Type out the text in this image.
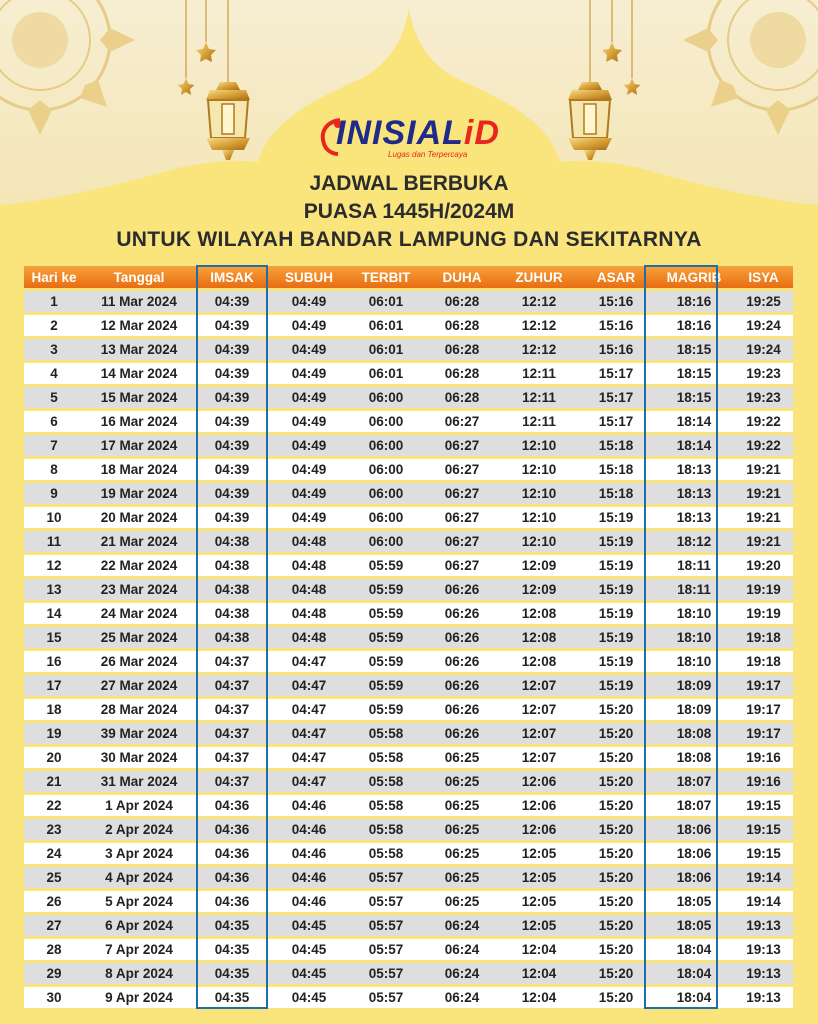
INISIALiD
Lugas dan Terpercaya
JADWAL BERBUKA
PUASA 1445H/2024M
UNTUK WILAYAH BANDAR LAMPUNG DAN SEKITARNYA
Hari ke	Tanggal	IMSAK	SUBUH	TERBIT	DUHA	ZUHUR	ASAR	MAGRIB	ISYA
1	11 Mar 2024	04:39	04:49	06:01	06:28	12:12	15:16	18:16	19:25
2	12 Mar 2024	04:39	04:49	06:01	06:28	12:12	15:16	18:16	19:24
3	13 Mar 2024	04:39	04:49	06:01	06:28	12:12	15:16	18:15	19:24
4	14 Mar 2024	04:39	04:49	06:01	06:28	12:11	15:17	18:15	19:23
5	15 Mar 2024	04:39	04:49	06:00	06:28	12:11	15:17	18:15	19:23
6	16 Mar 2024	04:39	04:49	06:00	06:27	12:11	15:17	18:14	19:22
7	17 Mar 2024	04:39	04:49	06:00	06:27	12:10	15:18	18:14	19:22
8	18 Mar 2024	04:39	04:49	06:00	06:27	12:10	15:18	18:13	19:21
9	19 Mar 2024	04:39	04:49	06:00	06:27	12:10	15:18	18:13	19:21
10	20 Mar 2024	04:39	04:49	06:00	06:27	12:10	15:19	18:13	19:21
11	21 Mar 2024	04:38	04:48	06:00	06:27	12:10	15:19	18:12	19:21
12	22 Mar 2024	04:38	04:48	05:59	06:27	12:09	15:19	18:11	19:20
13	23 Mar 2024	04:38	04:48	05:59	06:26	12:09	15:19	18:11	19:19
14	24 Mar 2024	04:38	04:48	05:59	06:26	12:08	15:19	18:10	19:19
15	25 Mar 2024	04:38	04:48	05:59	06:26	12:08	15:19	18:10	19:18
16	26 Mar 2024	04:37	04:47	05:59	06:26	12:08	15:19	18:10	19:18
17	27 Mar 2024	04:37	04:47	05:59	06:26	12:07	15:19	18:09	19:17
18	28 Mar 2024	04:37	04:47	05:59	06:26	12:07	15:20	18:09	19:17
19	39 Mar 2024	04:37	04:47	05:58	06:26	12:07	15:20	18:08	19:17
20	30 Mar 2024	04:37	04:47	05:58	06:25	12:07	15:20	18:08	19:16
21	31 Mar 2024	04:37	04:47	05:58	06:25	12:06	15:20	18:07	19:16
22	1 Apr 2024	04:36	04:46	05:58	06:25	12:06	15:20	18:07	19:15
23	2 Apr 2024	04:36	04:46	05:58	06:25	12:06	15:20	18:06	19:15
24	3 Apr 2024	04:36	04:46	05:58	06:25	12:05	15:20	18:06	19:15
25	4 Apr 2024	04:36	04:46	05:57	06:25	12:05	15:20	18:06	19:14
26	5 Apr 2024	04:36	04:46	05:57	06:25	12:05	15:20	18:05	19:14
27	6 Apr 2024	04:35	04:45	05:57	06:24	12:05	15:20	18:05	19:13
28	7 Apr 2024	04:35	04:45	05:57	06:24	12:04	15:20	18:04	19:13
29	8 Apr 2024	04:35	04:45	05:57	06:24	12:04	15:20	18:04	19:13
30	9 Apr 2024	04:35	04:45	05:57	06:24	12:04	15:20	18:04	19:13
